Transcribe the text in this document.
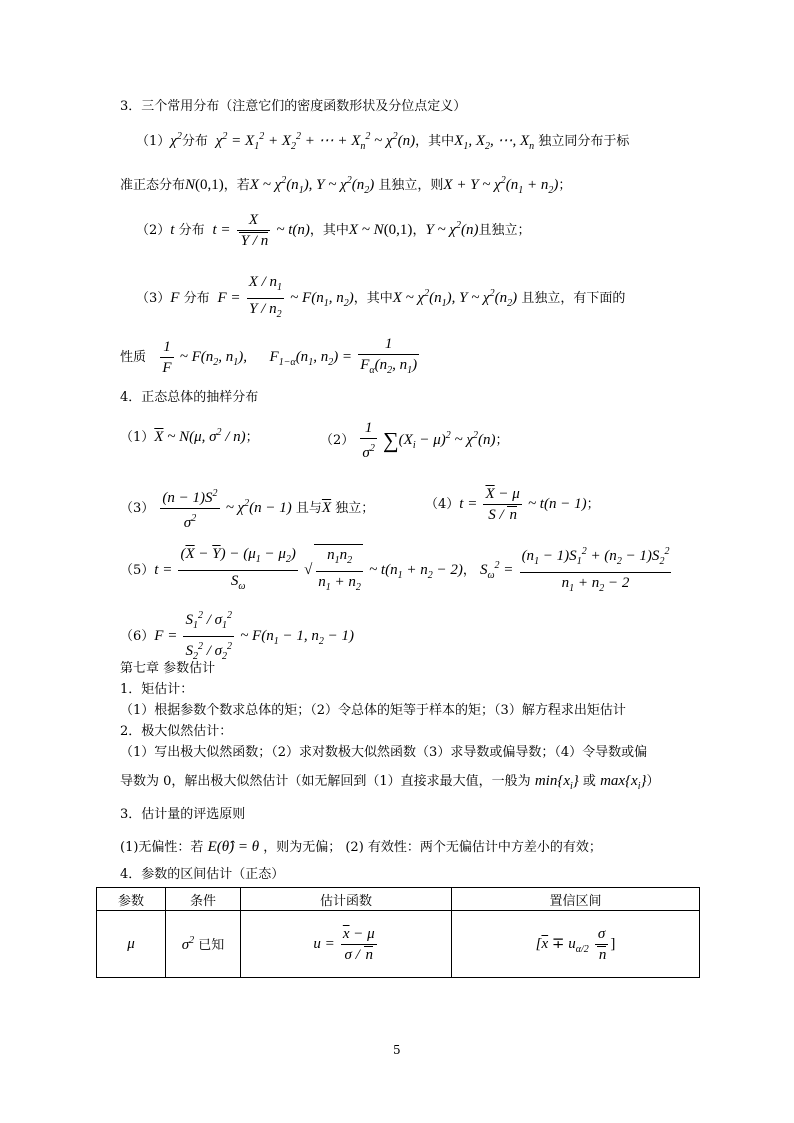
3．三个常用分布（注意它们的密度函数形状及分位点定义）
$(1)\chi^2$分布  $\chi^2 = X_1^2 + X_2^2$ + ⋯ + $X_n^2$ ~ $\chi^2(n)$，其中$X_1$, $X_2$, ⋯, $X_n$ 独立同分布于标
准正态分布N(0,1)，若X ~ $\chi^2(n_1)$, Y ~ $\chi^2(n_2)$ 且独立，则X + Y ~ $\chi^2(n_1 + n_2)$；
（2）t 分布  $t = \frac{X}{Y / n}$ ~ t(n)，其中X ~ N(0,1)，Y ~ $\chi^2(n)$且独立；
（3）F 分布  $F = \frac{X / n_1}{Y / n_2}$ ~ $F(n_1$, $n_2$)，其中X ~ $\chi^2(n_1)$, Y ~ $\chi^2(n_2)$ 且独立，有下面的
性质 $\frac{1}{F}$ ~ $F(n_2$, $n_1$),      $F_{1-\alpha}(n_1$, $n_2) = \frac{1}{F_\alpha(n_2, n_1)}$
4．正态总体的抽样分布
$(1)\overline{X}$ ~ N(μ, $\sigma^2 / n$)；	$(2) \frac{1}{\sigma^2} \sum(X_i - \mu)^2$ ~ $\chi^2(n)$；
$(3) \frac{(n - 1)S^2}{\sigma^2}$ ~ $\chi^2(n - 1)$ 且与$\overline{X}$ 独立；	$(4)t = \frac{\overline{X} - \mu}{S / n}$ ~ t(n − 1)；
$(5)t = \frac{(\overline{X} - \overline{Y}) - (\mu_1 - \mu_2)}{S_\omega}$ √ $\frac{n_1n_2}{n_1 + n_2}$ ~ $t(n_1 + n_2 - 2)$， $S_\omega^2 = \frac{(n_1 - 1)S_1^2 + (n_2 - 1)S_2^2}{n_1 + n_2 - 2}$
$(6)F = \frac{S_1^2 / \sigma_1^2}{S_2^2 / \sigma_2^2}$ ~ $F(n_1 - 1$, $n_2 - 1$)
第七章 参数估计
1．矩估计：
（1）根据参数个数求总体的矩；（2）令总体的矩等于样本的矩；（3）解方程求出矩估计
2．极大似然估计：
（1）写出极大似然函数；（2）求对数极大似然函数（3）求导数或偏导数；（4）令导数或偏
导数为 0，解出极大似然估计（如无解回到（1）直接求最大值，一般为 $\min\{x_i\}$ 或 $\max\{x_i\}$）
3．估计量的评选原则
(1)无偏性：若 E(θ̂) = θ ，则为无偏； (2) 有效性：两个无偏估计中方差小的有效；
4．参数的区间估计（正态）
参数	条件	估计函数	置信区间
μ	$\sigma^2$ 已知	$u = \frac{\overline{x} - \mu}{\sigma / n}$	[$\overline{x} \mp u_{\alpha/2} \frac{\sigma}{n}$ ]
5
